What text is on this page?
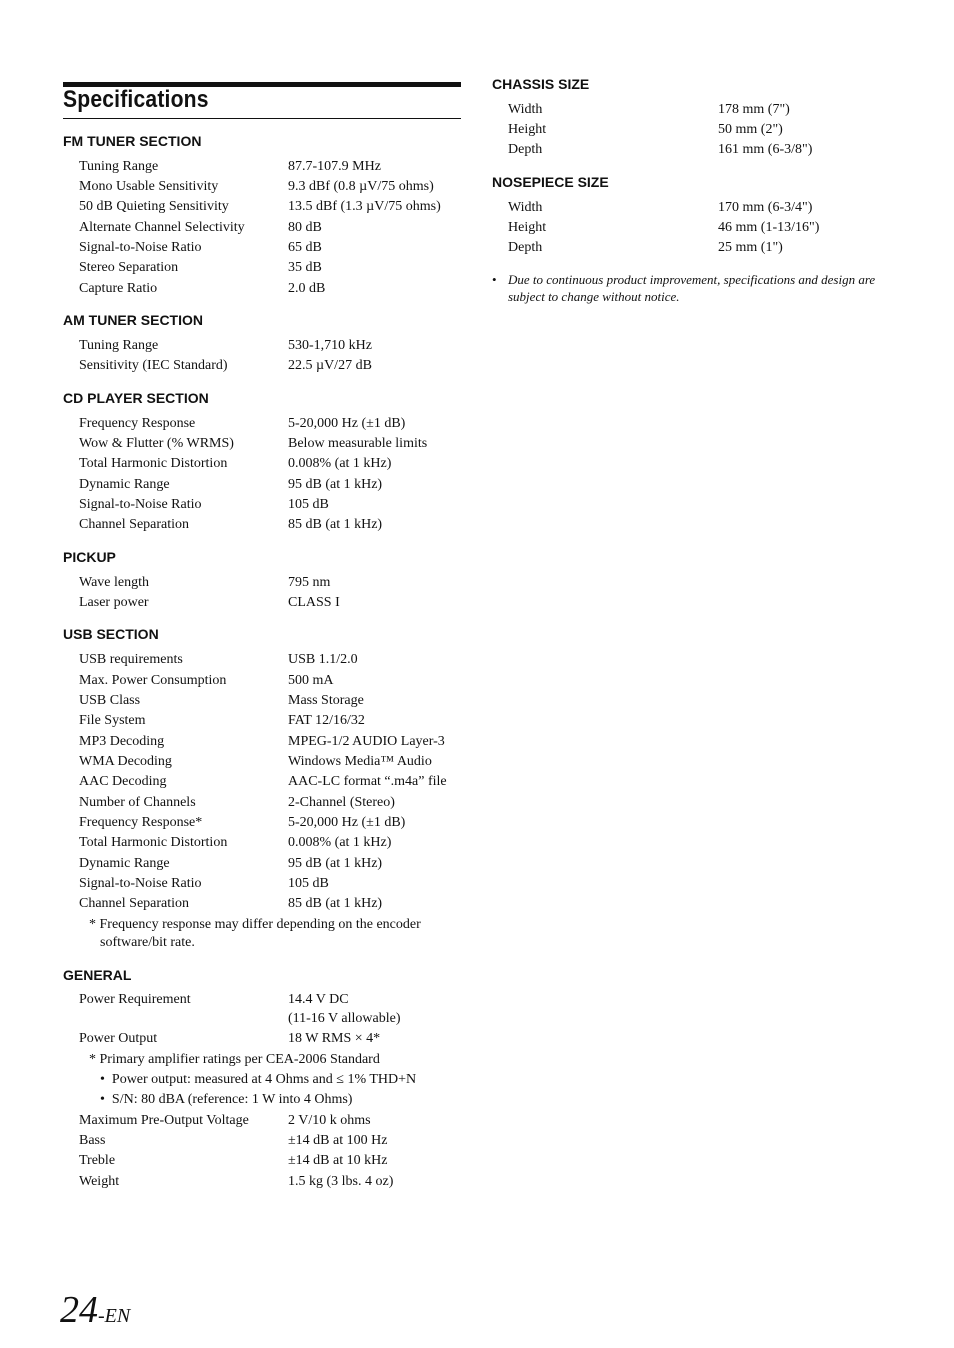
Specifications
FM TUNER SECTION
Tuning Range	87.7-107.9 MHz
Mono Usable Sensitivity	9.3 dBf (0.8 µV/75 ohms)
50 dB Quieting Sensitivity	13.5 dBf (1.3 µV/75 ohms)
Alternate Channel Selectivity	80 dB
Signal-to-Noise Ratio	65 dB
Stereo Separation	35 dB
Capture Ratio	2.0 dB
AM TUNER SECTION
Tuning Range	530-1,710 kHz
Sensitivity (IEC Standard)	22.5 µV/27 dB
CD PLAYER SECTION
Frequency Response	5-20,000 Hz (±1 dB)
Wow & Flutter (% WRMS)	Below measurable limits
Total Harmonic Distortion	0.008% (at 1 kHz)
Dynamic Range	95 dB (at 1 kHz)
Signal-to-Noise Ratio	105 dB
Channel Separation	85 dB (at 1 kHz)
PICKUP
Wave length	795 nm
Laser power	CLASS I
USB SECTION
USB requirements	USB 1.1/2.0
Max. Power Consumption	500 mA
USB Class	Mass Storage
File System	FAT 12/16/32
MP3 Decoding	MPEG-1/2 AUDIO Layer-3
WMA Decoding	Windows Media™ Audio
AAC Decoding	AAC-LC format “.m4a” file
Number of Channels	2-Channel (Stereo)
Frequency Response*	5-20,000 Hz (±1 dB)
Total Harmonic Distortion	0.008% (at 1 kHz)
Dynamic Range	95 dB (at 1 kHz)
Signal-to-Noise Ratio	105 dB
Channel Separation	85 dB (at 1 kHz)
* Frequency response may differ depending on the encoder
software/bit rate.
GENERAL
Power Requirement	14.4 V DC
(11-16 V allowable)
Power Output	18 W RMS × 4*
* Primary amplifier ratings per CEA-2006 Standard
•  Power output: measured at 4 Ohms and ≤ 1% THD+N
•  S/N: 80 dBA (reference: 1 W into 4 Ohms)
Maximum Pre-Output Voltage	2 V/10 k ohms
Bass	±14 dB at 100 Hz
Treble	±14 dB at 10 kHz
Weight	1.5 kg (3 lbs. 4 oz)
CHASSIS SIZE
Width	178 mm (7")
Height	50 mm (2")
Depth	161 mm (6-3/8")
NOSEPIECE SIZE
Width	170 mm (6-3/4")
Height	46 mm (1-13/16")
Depth	25 mm (1")
• Due to continuous product improvement, specifications and design are subject to change without notice.
24-EN
